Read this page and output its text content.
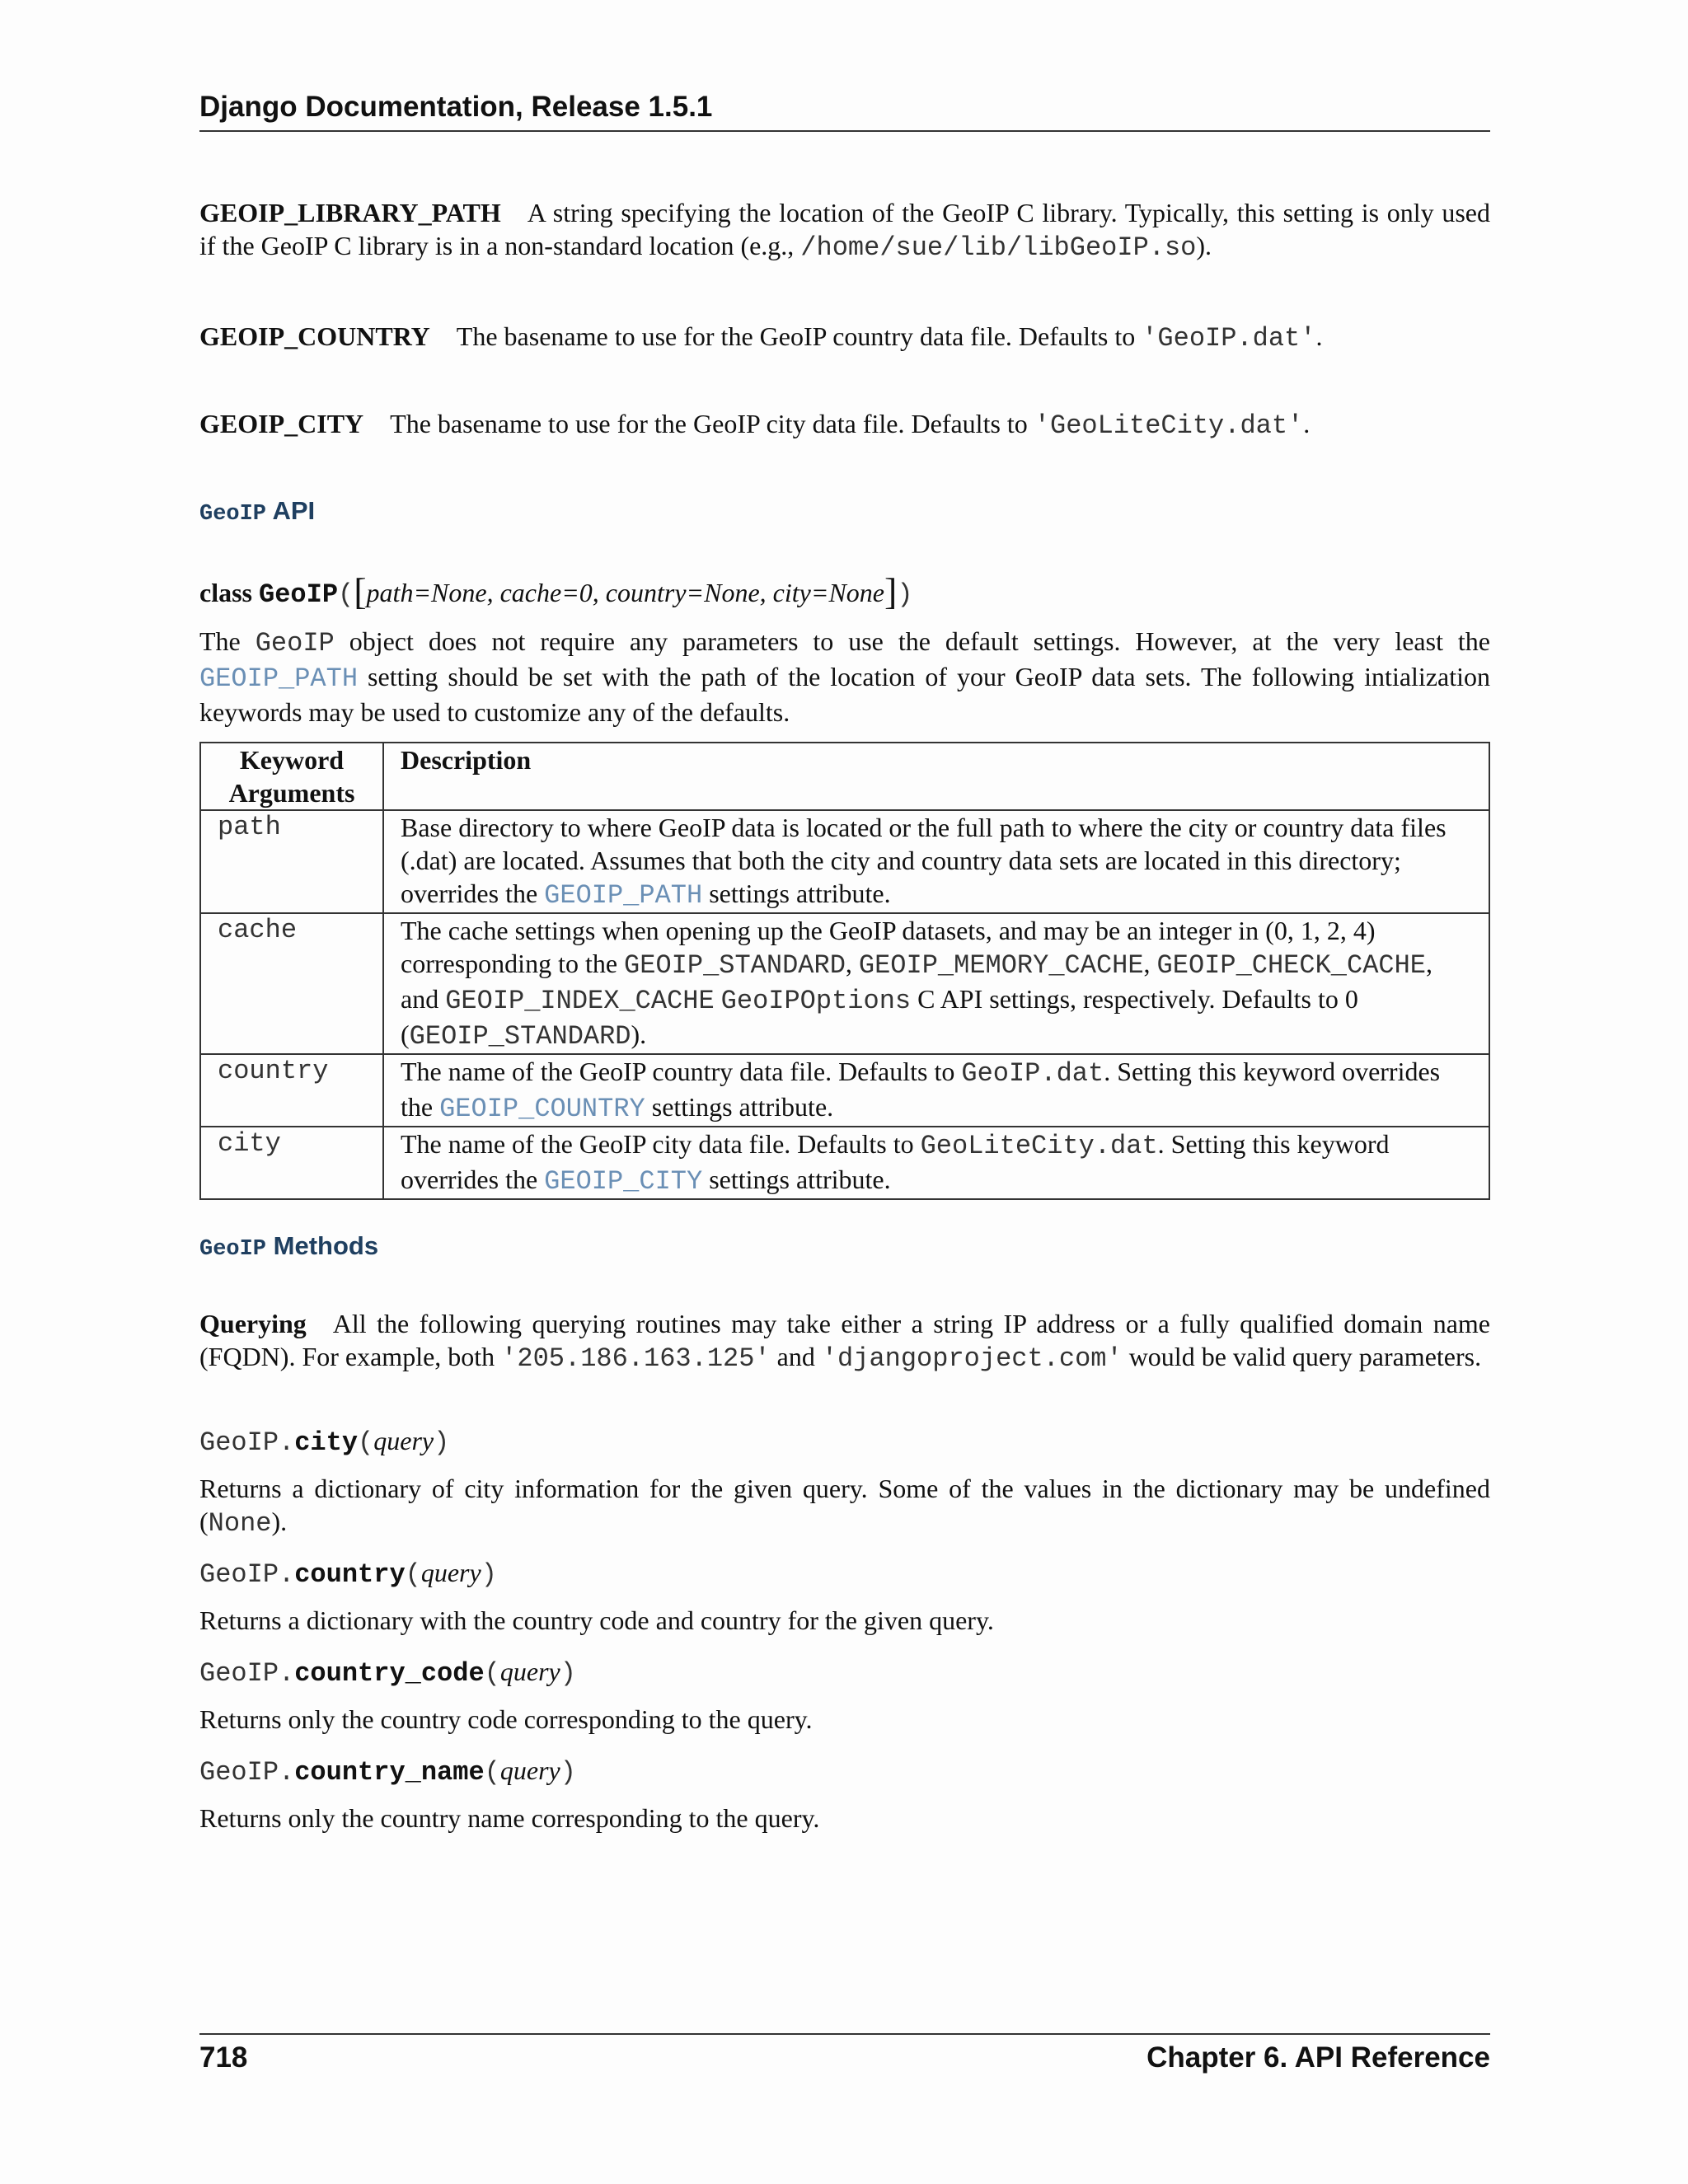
Django Documentation, Release 1.5.1
GEOIP_LIBRARY_PATH A string specifying the location of the GeoIP C library. Typically, this setting is only used if the GeoIP C library is in a non-standard location (e.g., /home/sue/lib/libGeoIP.so).
GEOIP_COUNTRY The basename to use for the GeoIP country data file. Defaults to 'GeoIP.dat'.
GEOIP_CITY The basename to use for the GeoIP city data file. Defaults to 'GeoLiteCity.dat'.
GeoIP API
class GeoIP([path=None, cache=0, country=None, city=None])
The GeoIP object does not require any parameters to use the default settings. However, at the very least the GEOIP_PATH setting should be set with the path of the location of your GeoIP data sets. The following intialization keywords may be used to customize any of the defaults.
Keyword Arguments	Description
path	Base directory to where GeoIP data is located or the full path to where the city or country data files (.dat) are located. Assumes that both the city and country data sets are located in this directory; overrides the GEOIP_PATH settings attribute.
cache	The cache settings when opening up the GeoIP datasets, and may be an integer in (0, 1, 2, 4) corresponding to the GEOIP_STANDARD, GEOIP_MEMORY_CACHE, GEOIP_CHECK_CACHE, and GEOIP_INDEX_CACHE GeoIPOptions C API settings, respectively. Defaults to 0 (GEOIP_STANDARD).
country	The name of the GeoIP country data file. Defaults to GeoIP.dat. Setting this keyword overrides the GEOIP_COUNTRY settings attribute.
city	The name of the GeoIP city data file. Defaults to GeoLiteCity.dat. Setting this keyword overrides the GEOIP_CITY settings attribute.
GeoIP Methods
Querying All the following querying routines may take either a string IP address or a fully qualified domain name (FQDN). For example, both '205.186.163.125' and 'djangoproject.com' would be valid query parameters.
GeoIP.city(query)
Returns a dictionary of city information for the given query. Some of the values in the dictionary may be undefined (None).
GeoIP.country(query)
Returns a dictionary with the country code and country for the given query.
GeoIP.country_code(query)
Returns only the country code corresponding to the query.
GeoIP.country_name(query)
Returns only the country name corresponding to the query.
718	Chapter 6. API Reference
